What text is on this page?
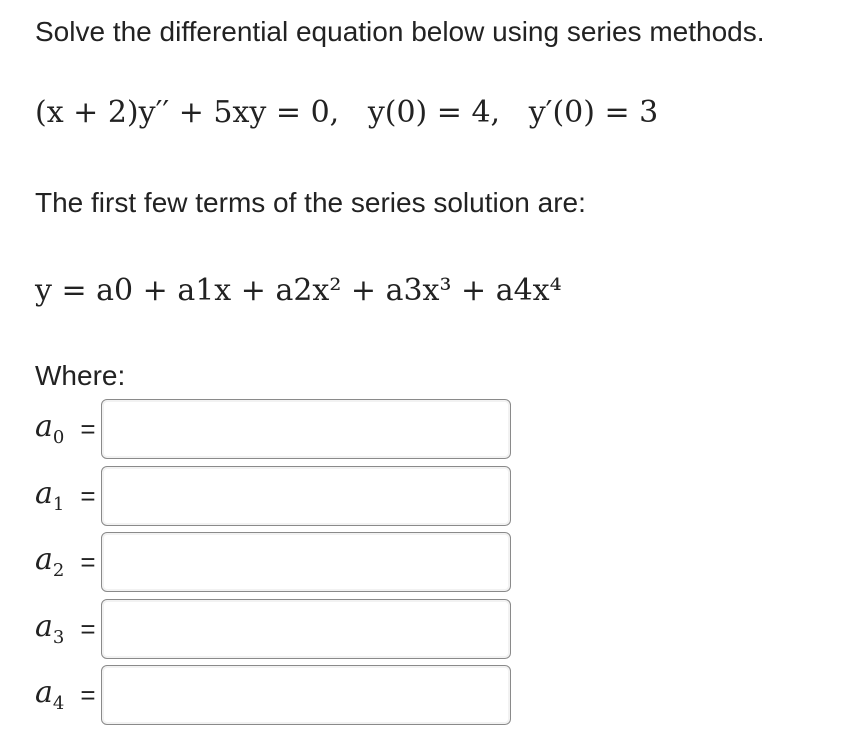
Solve the differential equation below using series methods.
(x + 2)y′′ + 5xy = 0, y(0) = 4, y′(0) = 3
The first few terms of the series solution are:
y = a0 + a1x + a2x² + a3x³ + a4x⁴
Where:
$a_0$ =
$a_1$ =
$a_2$ =
$a_3$ =
$a_4$ =
